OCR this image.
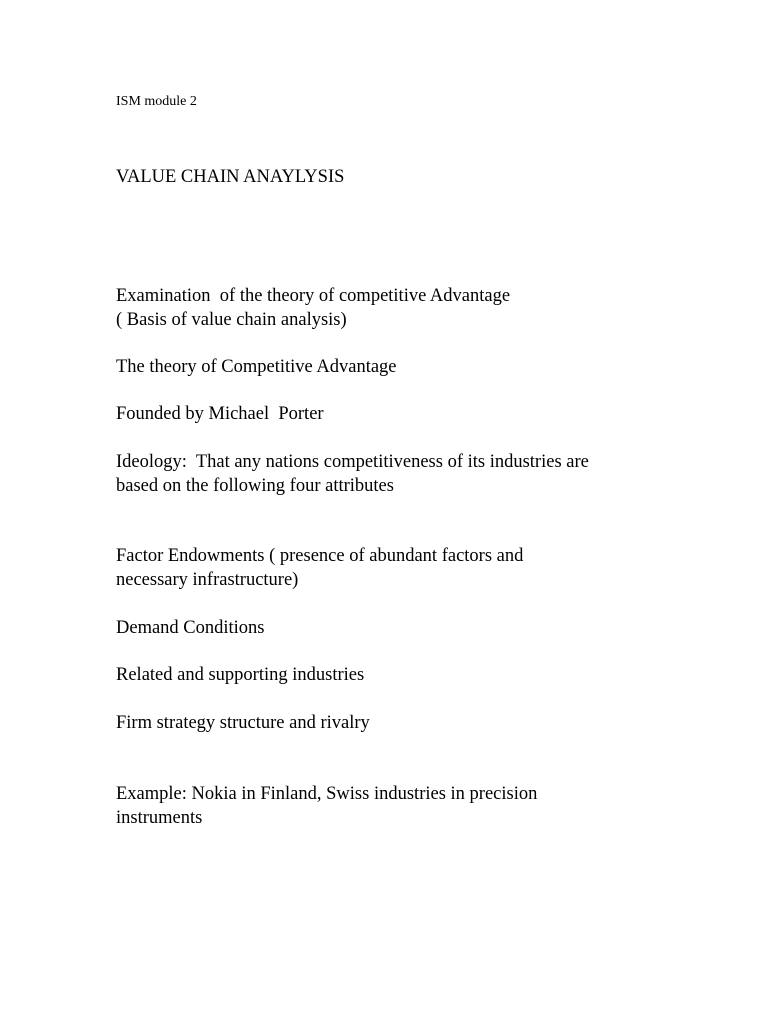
ISM module 2
VALUE CHAIN ANAYLYSIS
Examination  of the theory of competitive Advantage
( Basis of value chain analysis)
The theory of Competitive Advantage
Founded by Michael  Porter
Ideology:  That any nations competitiveness of its industries are
based on the following four attributes
Factor Endowments ( presence of abundant factors and
necessary infrastructure)
Demand Conditions
Related and supporting industries
Firm strategy structure and rivalry
Example: Nokia in Finland, Swiss industries in precision
instruments
